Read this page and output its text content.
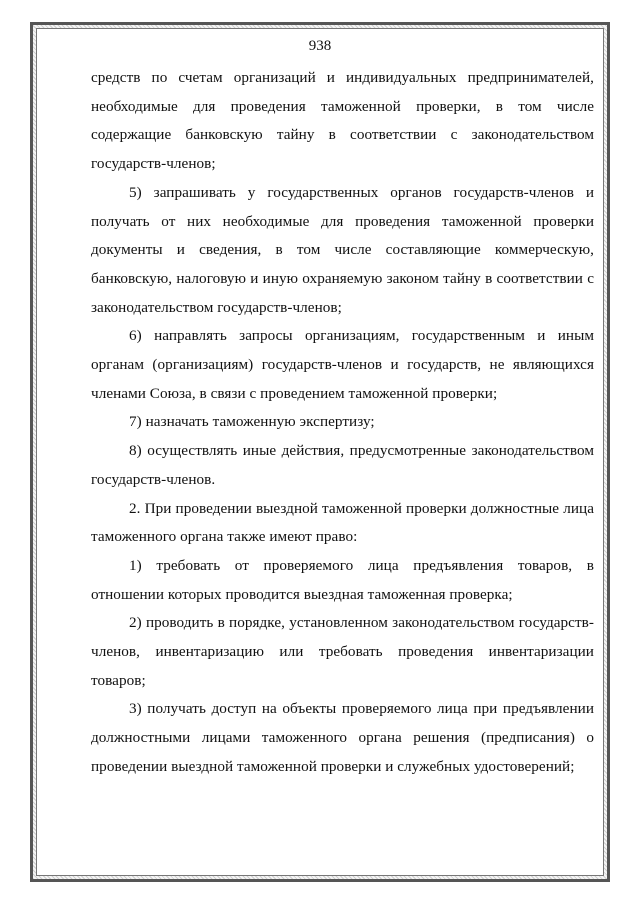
938

средств по счетам организаций и индивидуальных предпринимателей, необходимые для проведения таможенной проверки, в том числе содержащие банковскую тайну в соответствии с законодательством государств-членов;

5) запрашивать у государственных органов государств-членов и получать от них необходимые для проведения таможенной проверки документы и сведения, в том числе составляющие коммерческую, банковскую, налоговую и иную охраняемую законом тайну в соответствии с законодательством государств-членов;

6) направлять запросы организациям, государственным и иным органам (организациям) государств-членов и государств, не являющихся членами Союза, в связи с проведением таможенной проверки;

7) назначать таможенную экспертизу;

8) осуществлять иные действия, предусмотренные законодательством государств-членов.

2. При проведении выездной таможенной проверки должностные лица таможенного органа также имеют право:

1) требовать от проверяемого лица предъявления товаров, в отношении которых проводится выездная таможенная проверка;

2) проводить в порядке, установленном законодательством государств-членов, инвентаризацию или требовать проведения инвентаризации товаров;

3) получать доступ на объекты проверяемого лица при предъявлении должностными лицами таможенного органа решения (предписания) о проведении выездной таможенной проверки и служебных удостоверений;
